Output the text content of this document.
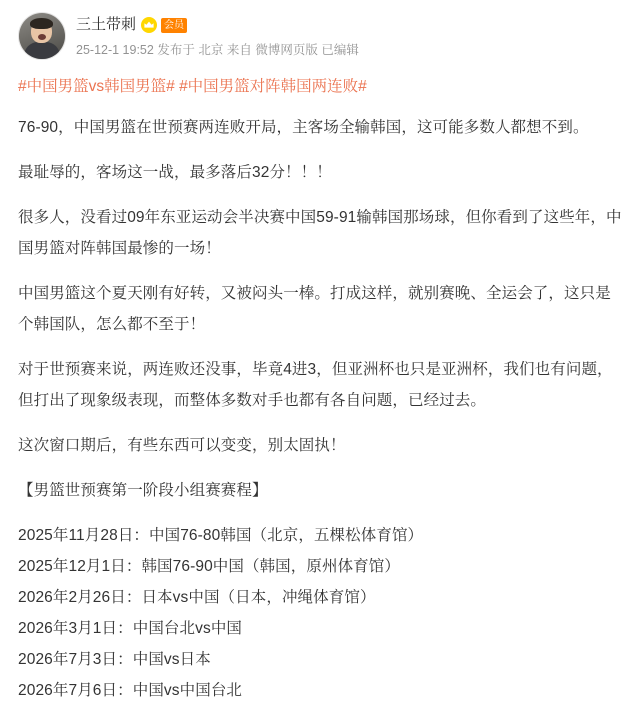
三土带刺	会员
25-12-1 19:52 发布于 北京 来自 微博网页版 已编辑
#中国男篮vs韩国男篮# #中国男篮对阵韩国两连败#

76-90，中国男篮在世预赛两连败开局，主客场全输韩国，这可能多数人都想不到。

最耻辱的，客场这一战，最多落后32分！！！

很多人，没看过09年东亚运动会半决赛中国59-91输韩国那场球，但你看到了这些年，中国男篮对阵韩国最惨的一场！

中国男篮这个夏天刚有好转，又被闷头一棒。打成这样，就别赛晚、全运会了，这只是个韩国队，怎么都不至于！

对于世预赛来说，两连败还没事，毕竟4进3，但亚洲杯也只是亚洲杯，我们也有问题，但打出了现象级表现，而整体多数对手也都有各自问题，已经过去。

这次窗口期后，有些东西可以变变，别太固执！

【男篮世预赛第一阶段小组赛赛程】

2025年11月28日：中国76-80韩国（北京，五棵松体育馆）
2025年12月1日：韩国76-90中国（韩国，原州体育馆）
2026年2月26日：日本vs中国（日本，冲绳体育馆）
2026年3月1日：中国台北vs中国
2026年7月3日：中国vs日本
2026年7月6日：中国vs中国台北
